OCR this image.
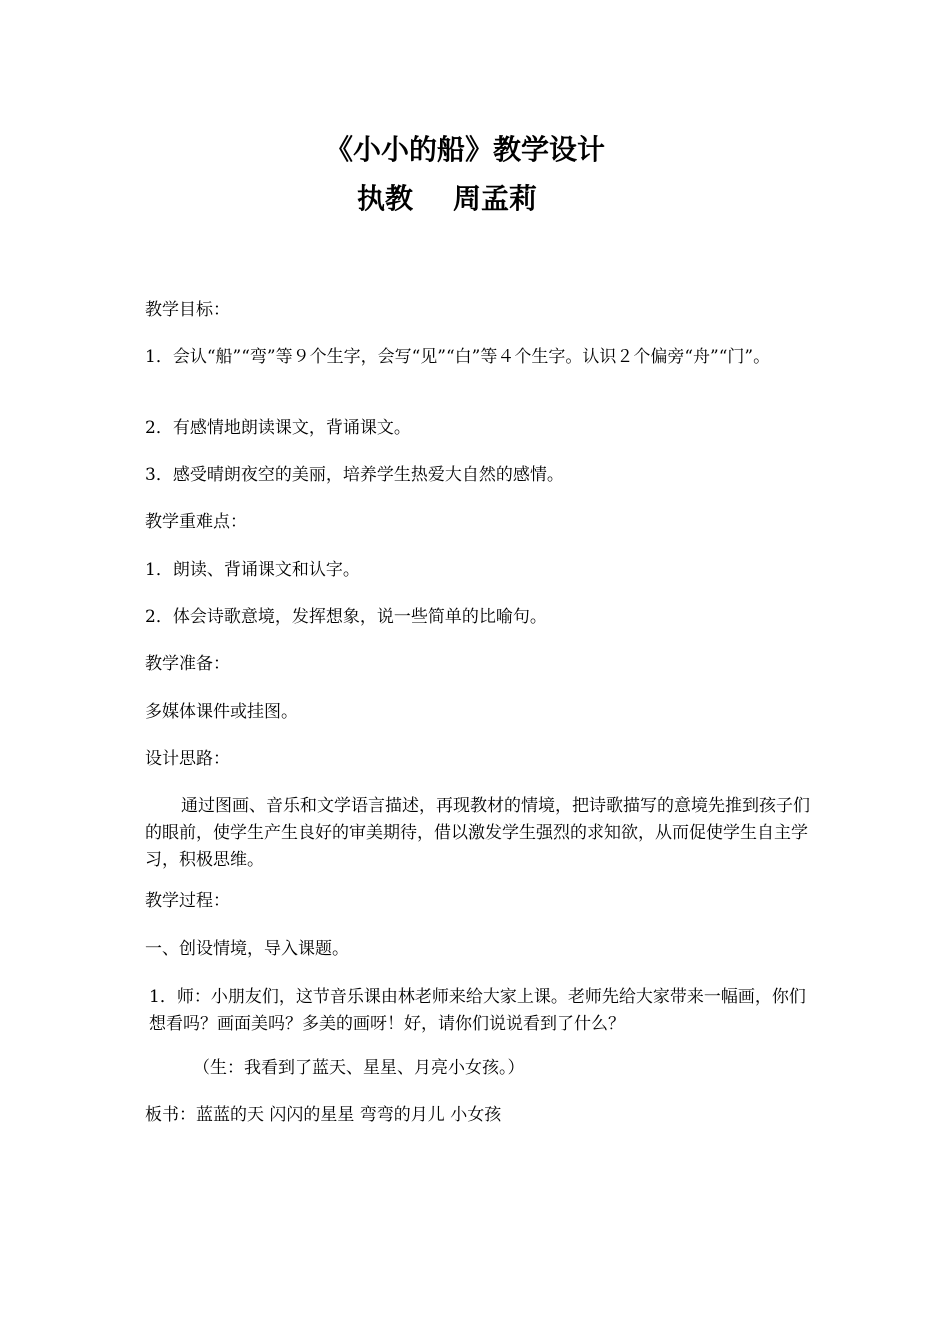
《小小的船》教学设计
执教 周孟莉

教学目标：

1．会认“船”“弯”等９个生字，会写“见”“白”等４个生字。认识２个偏旁“舟”“门”。

2．有感情地朗读课文，背诵课文。

3．感受晴朗夜空的美丽，培养学生热爱大自然的感情。

教学重难点：

1．朗读、背诵课文和认字。

2．体会诗歌意境，发挥想象，说一些简单的比喻句。

教学准备：

多媒体课件或挂图。

设计思路：

通过图画、音乐和文学语言描述，再现教材的情境，把诗歌描写的意境先推到孩子们的眼前，使学生产生良好的审美期待，借以激发学生强烈的求知欲，从而促使学生自主学习，积极思维。

教学过程：

一、创设情境，导入课题。

1．师：小朋友们，这节音乐课由林老师来给大家上课。老师先给大家带来一幅画，你们想看吗？画面美吗？多美的画呀！好，请你们说说看到了什么？

（生：我看到了蓝天、星星、月亮小女孩。）

板书：蓝蓝的天 闪闪的星星 弯弯的月儿 小女孩
